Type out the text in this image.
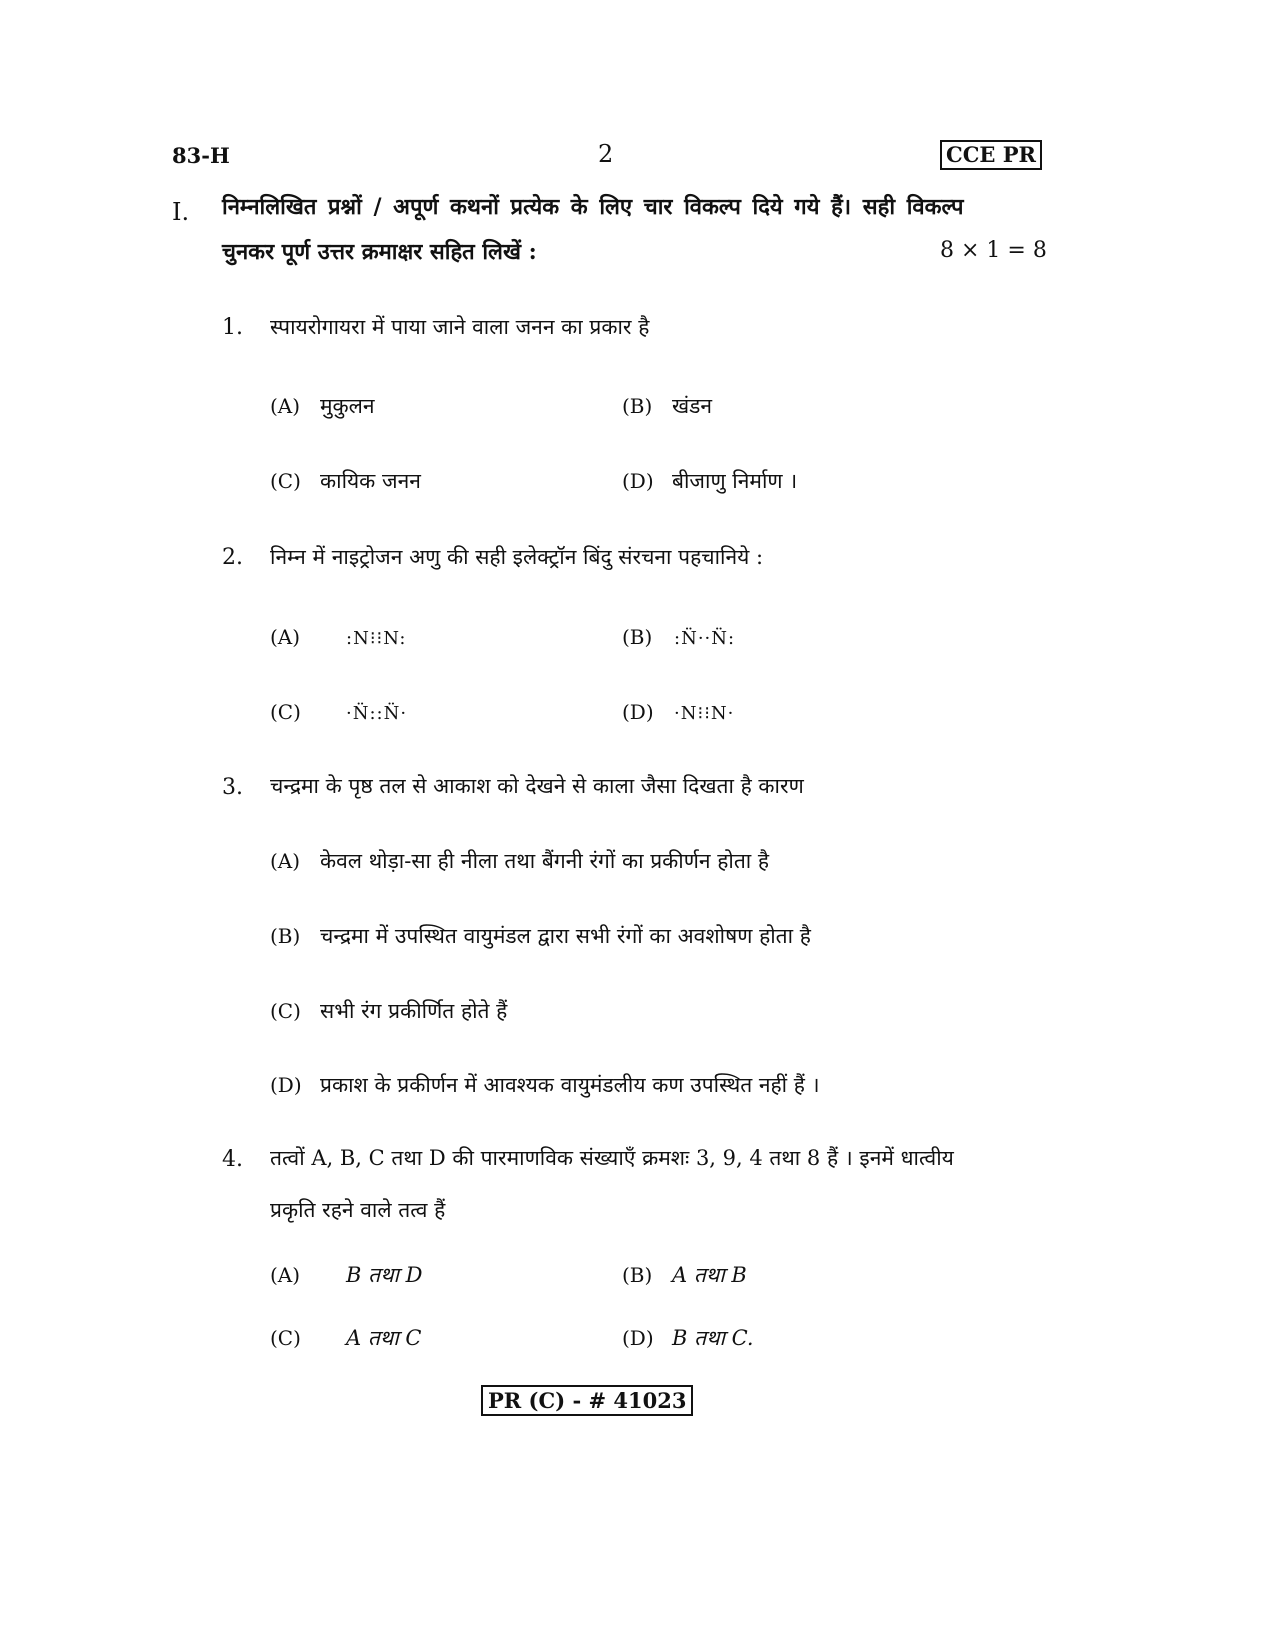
83-H	2	CCE PR
I. निम्नलिखित प्रश्नों / अपूर्ण कथनों प्रत्येक के लिए चार विकल्प दिये गये हैं। सही विकल्प
चुनकर पूर्ण उत्तर क्रमाक्षर सहित लिखें :	8 × 1 = 8
1. स्पायरोगायरा में पाया जाने वाला जनन का प्रकार है
(A) मुकुलन	(B) खंडन
(C) कायिक जनन	(D) बीजाणु निर्माण ।
2. निम्न में नाइट्रोजन अणु की सही इलेक्ट्रॉन बिंदु संरचना पहचानिये :
(A)	:N⁝⁝N:	(B)	:N̈··N̈:
(C)	·N̈::N̈·	(D)	·N⁝⁝N·
3. चन्द्रमा के पृष्ठ तल से आकाश को देखने से काला जैसा दिखता है कारण
(A) केवल थोड़ा-सा ही नीला तथा बैंगनी रंगों का प्रकीर्णन होता है
(B) चन्द्रमा में उपस्थित वायुमंडल द्वारा सभी रंगों का अवशोषण होता है
(C) सभी रंग प्रकीर्णित होते हैं
(D) प्रकाश के प्रकीर्णन में आवश्यक वायुमंडलीय कण उपस्थित नहीं हैं ।
4. तत्वों A, B, C तथा D की पारमाणविक संख्याएँ क्रमशः 3, 9, 4 तथा 8 हैं । इनमें धात्वीय
प्रकृति रहने वाले तत्व हैं
(A)	B तथा D	(B) A तथा B
(C)	A तथा C	(D) B तथा C.
PR (C) - # 41023
